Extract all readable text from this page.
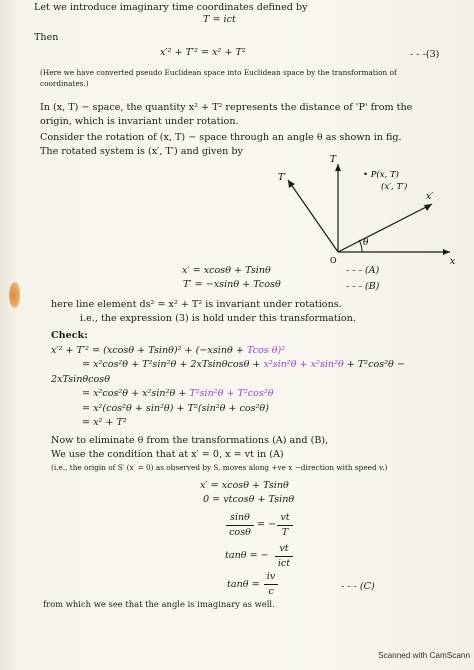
Let we introduce imaginary time coordinates defined by
T = ict
Then
x′² + T′² = x² + T²	- - -(3)
(Here we have converted pseudo Euclidean space into Euclidean space by the transformation of
coordinates.)
In (x, T) − space, the quantity x² + T² represents the distance of 'P' from the
origin, which is invariant under rotation.
Consider the rotation of (x, T) − space through an angle θ as shown in fig.
The rotated system is (x′, T′) and given by
θ
T
T′
x′
x
O
• P(x, T)
(x′, T′)
x′ = xcosθ + Tsinθ	- - - (A)
T′ = −xsinθ + Tcosθ	- - - (B)
here line element ds² = x² + T² is invariant under rotations.
i.e., the expression (3) is hold under this transformation.
Check:
x′² + T′² = (xcosθ + Tsinθ)² + (−xsinθ + Tcos θ)²
= x²cos²θ + T²sin²θ + 2xTsinθcosθ + x²sin²θ + x²sin²θ + T²cos²θ −
2xTsinθcosθ
= x²cos²θ + x²sin²θ + T²sin²θ + T²cos²θ
= x²(cos²θ + sin²θ) + T²(sin²θ + cos²θ)
= x² + T²
Now to eliminate θ from the transformations (A) and (B),
We use the condition that at x′ = 0, x = vt in (A)
(i.e., the origin of S′ (x′ = 0) as observed by S, moves along +ve x −direction with speed v.)
x′ = xcosθ + Tsinθ
0 = vtcosθ + Tsinθ
sinθ
cosθ
= −
vt
T
tanθ = −
vt
ict
tanθ =
iv
c	- - - (C)
from which we see that the angle is imaginary as well.
Scanned with CamScann
